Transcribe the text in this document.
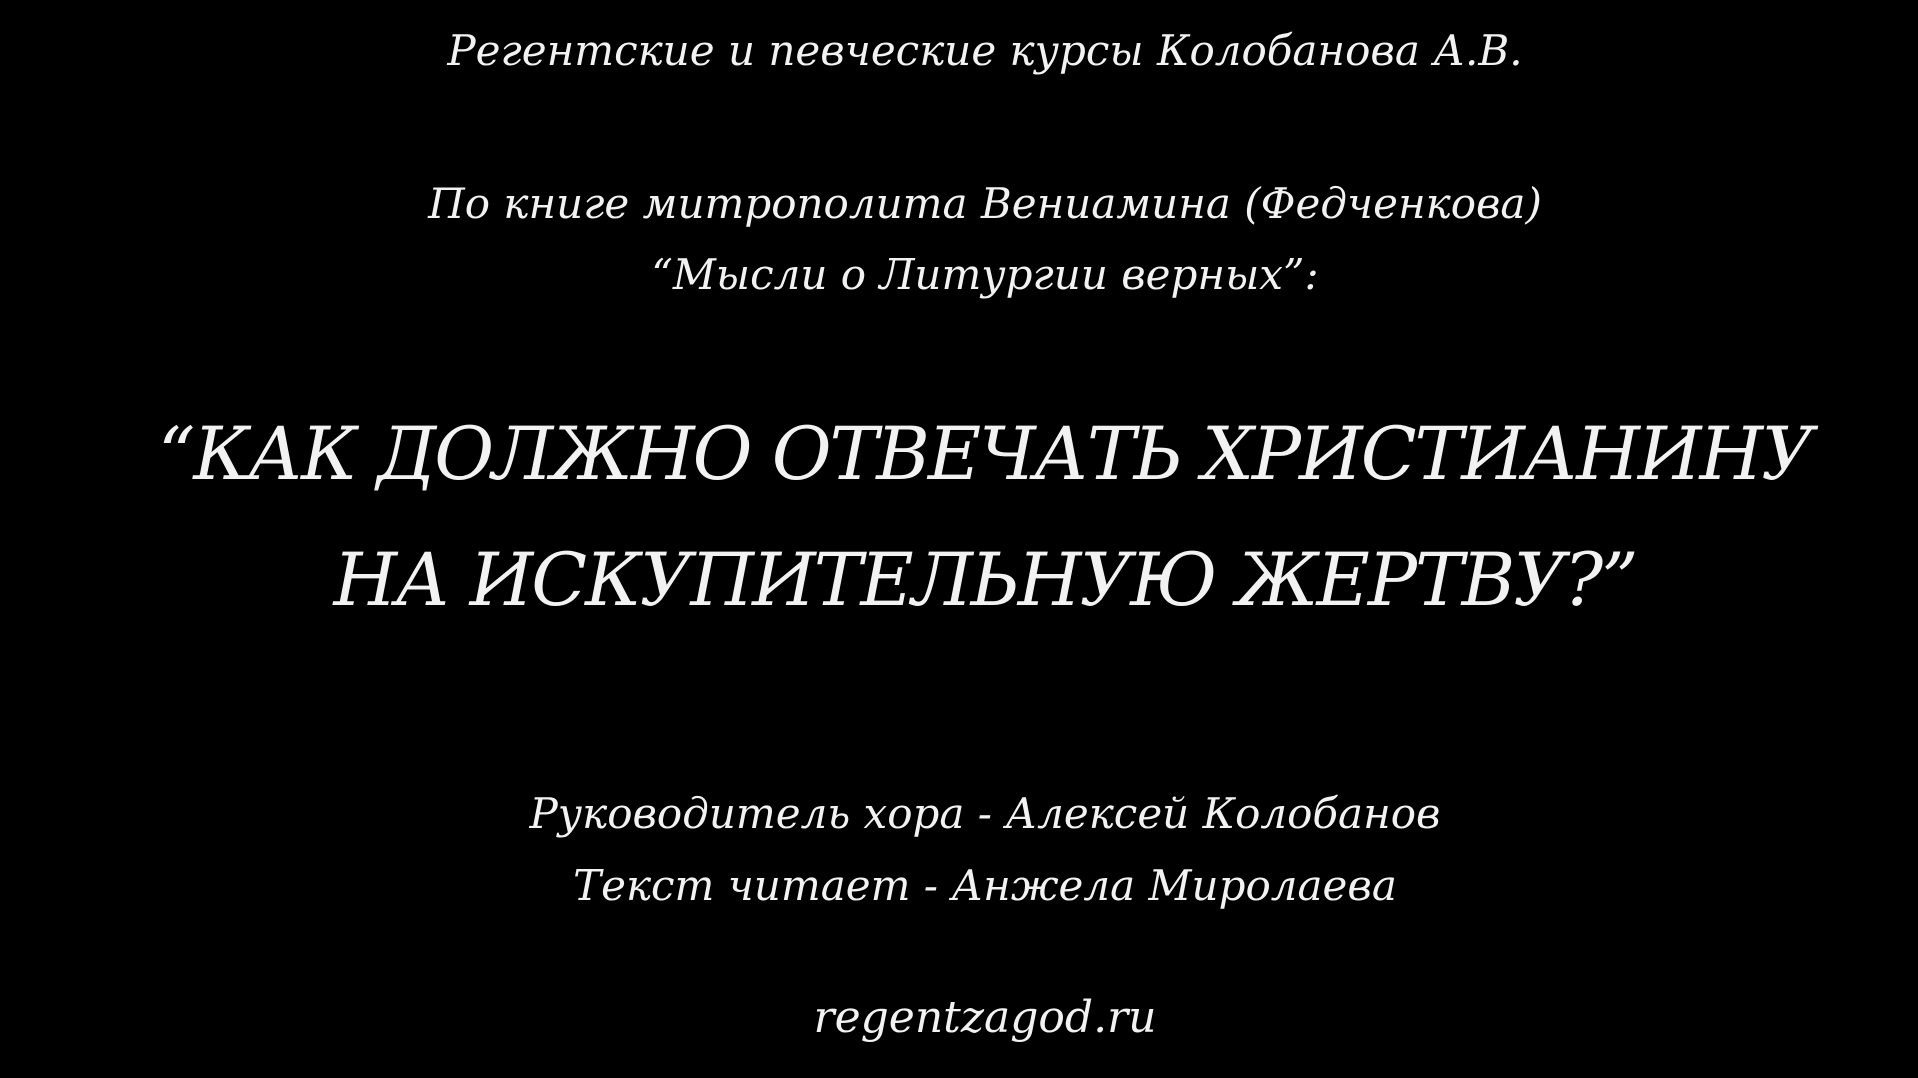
Регентские и певческие курсы Колобанова А.В.
По книге митрополита Вениамина (Федченкова)
“Мысли о Литургии верных”:
“КАК ДОЛЖНО ОТВЕЧАТЬ ХРИСТИАНИНУ
НА ИСКУПИТЕЛЬНУЮ ЖЕРТВУ?”
Руководитель хора - Алексей Колобанов
Текст читает - Анжела Миролаева
regentzagod.ru
